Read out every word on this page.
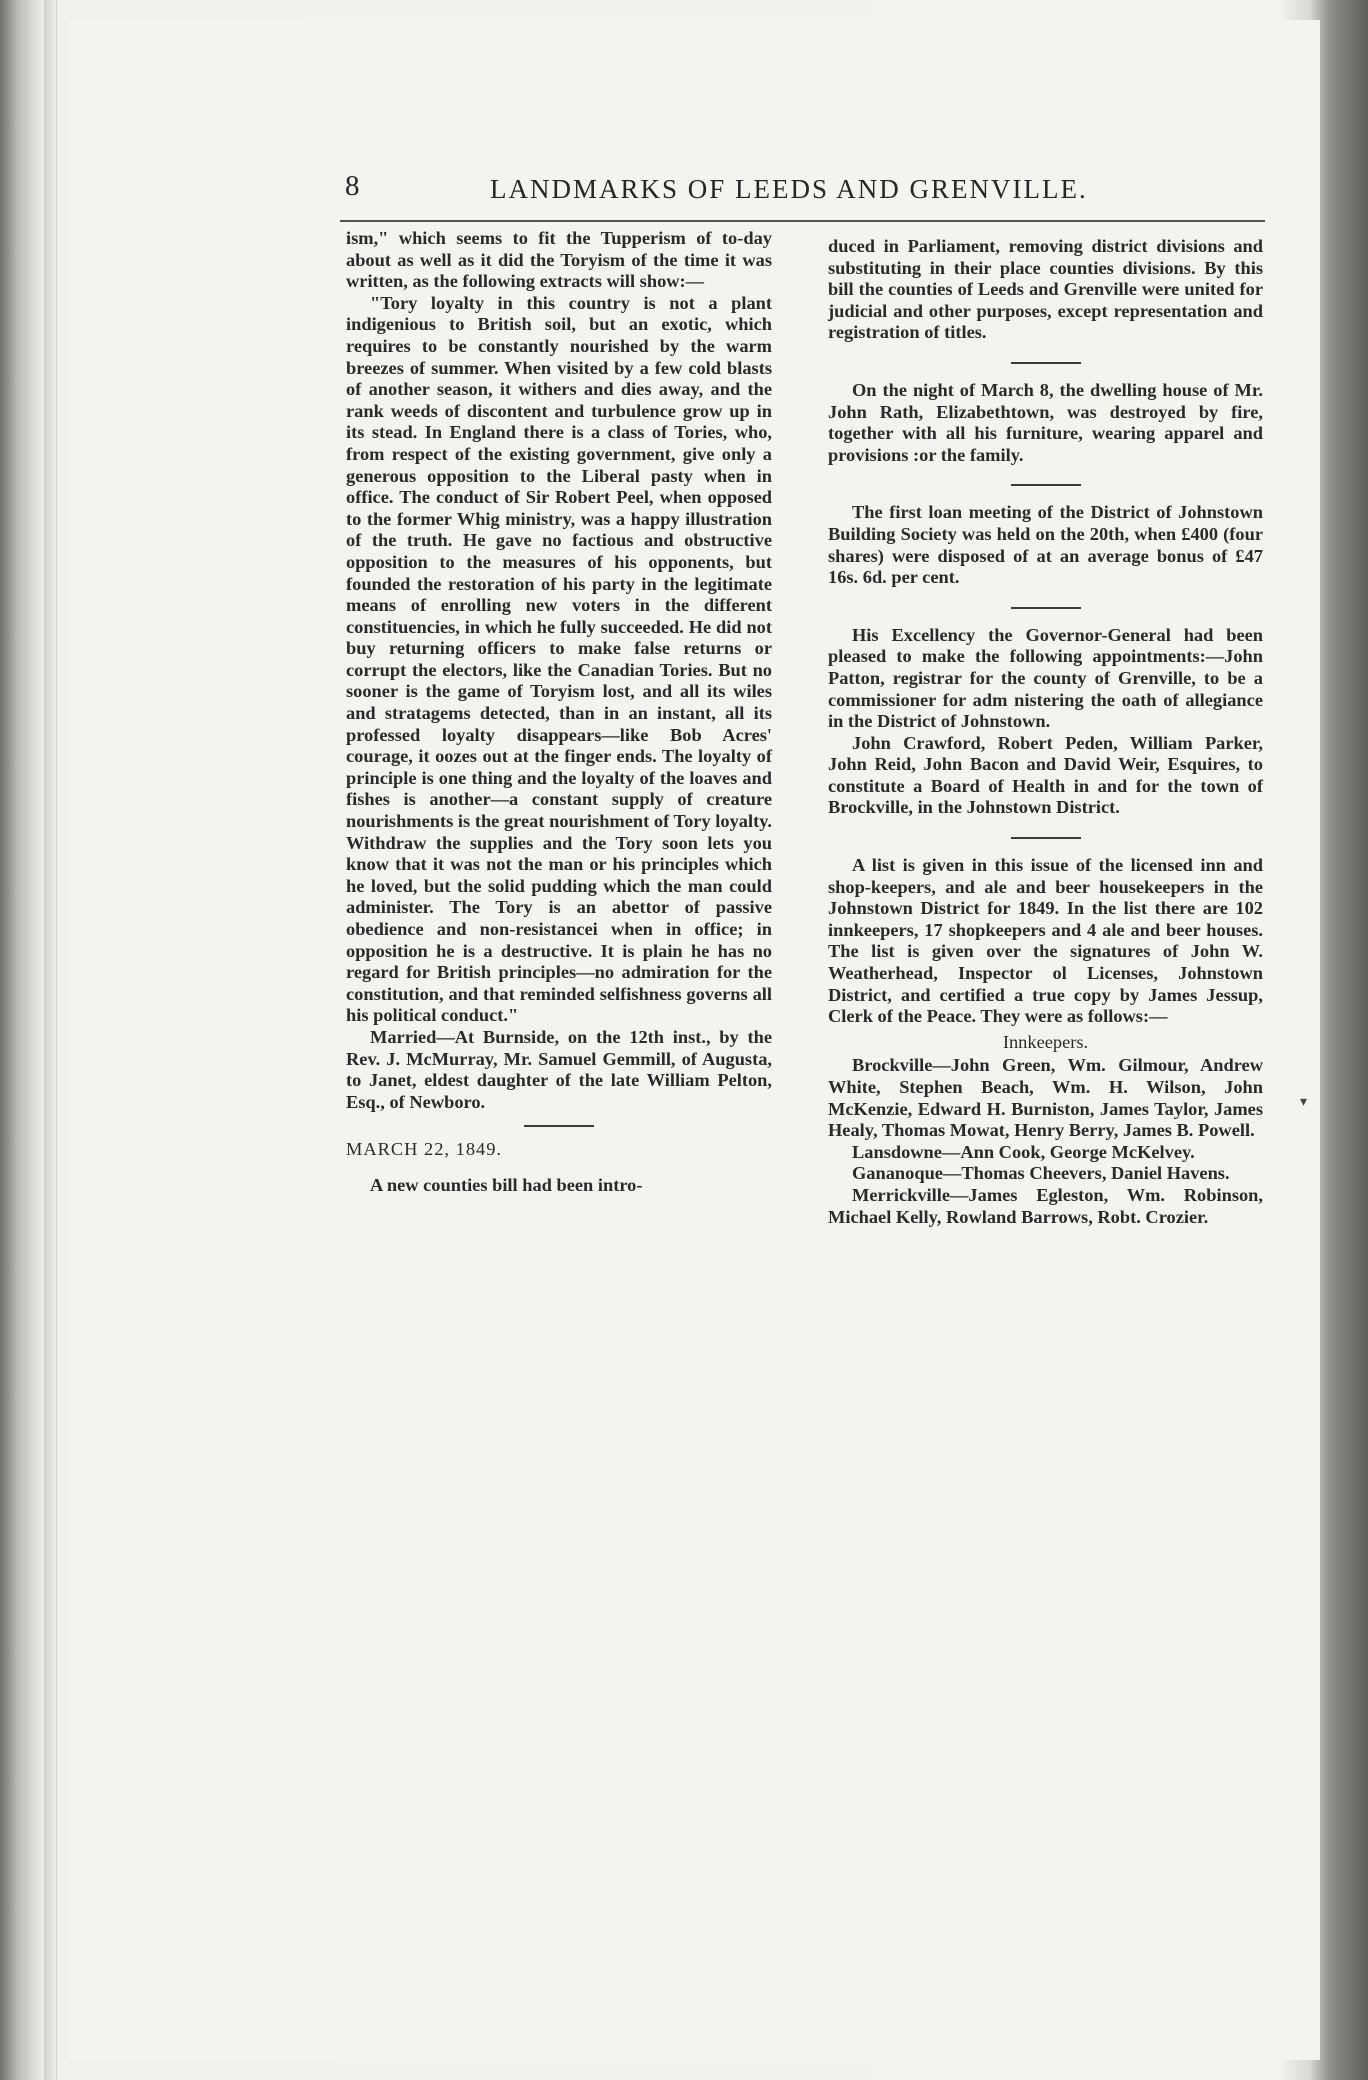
8	LANDMARKS OF LEEDS AND GRENVILLE.

ism," which seems to fit the Tupperism of to-day about as well as it did the Toryism of the time it was written, as the following extracts will show:—

"Tory loyalty in this country is not a plant indigenious to British soil, but an exotic, which requires to be constantly nourished by the warm breezes of summer. When visited by a few cold blasts of another season, it withers and dies away, and the rank weeds of discontent and turbulence grow up in its stead. In England there is a class of Tories, who, from respect of the existing government, give only a generous opposition to the Liberal pasty when in office. The conduct of Sir Robert Peel, when opposed to the former Whig ministry, was a happy illustration of the truth. He gave no factious and obstructive opposition to the measures of his opponents, but founded the restoration of his party in the legitimate means of enrolling new voters in the different constituencies, in which he fully succeeded. He did not buy returning officers to make false returns or corrupt the electors, like the Canadian Tories. But no sooner is the game of Toryism lost, and all its wiles and stratagems detected, than in an instant, all its professed loyalty disappears—like Bob Acres' courage, it oozes out at the finger ends. The loyalty of principle is one thing and the loyalty of the loaves and fishes is another—a constant supply of creature nourishments is the great nourishment of Tory loyalty. Withdraw the supplies and the Tory soon lets you know that it was not the man or his principles which he loved, but the solid pudding which the man could administer. The Tory is an abettor of passive obedience and non-resistancei when in office; in opposition he is a destructive. It is plain he has no regard for British principles—no admiration for the constitution, and that reminded selfishness governs all his political conduct."

Married—At Burnside, on the 12th inst., by the Rev. J. McMurray, Mr. Samuel Gemmill, of Augusta, to Janet, eldest daughter of the late William Pelton, Esq., of Newboro.

MARCH 22, 1849.

A new counties bill had been intro-

duced in Parliament, removing district divisions and substituting in their place counties divisions. By this bill the counties of Leeds and Grenville were united for judicial and other purposes, except representation and registration of titles.

On the night of March 8, the dwelling house of Mr. John Rath, Elizabethtown, was destroyed by fire, together with all his furniture, wearing apparel and provisions :or the family.

The first loan meeting of the District of Johnstown Building Society was held on the 20th, when £400 (four shares) were disposed of at an average bonus of £47 16s. 6d. per cent.

His Excellency the Governor-General had been pleased to make the following appointments:—John Patton, registrar for the county of Grenville, to be a commissioner for adm nistering the oath of allegiance in the District of Johnstown.

John Crawford, Robert Peden, William Parker, John Reid, John Bacon and David Weir, Esquires, to constitute a Board of Health in and for the town of Brockville, in the Johnstown District.

A list is given in this issue of the licensed inn and shop-keepers, and ale and beer housekeepers in the Johnstown District for 1849. In the list there are 102 innkeepers, 17 shopkeepers and 4 ale and beer houses. The list is given over the signatures of John W. Weatherhead, Inspector ol Licenses, Johnstown District, and certified a true copy by James Jessup, Clerk of the Peace. They were as follows:—

Innkeepers.

Brockville—John Green, Wm. Gilmour, Andrew White, Stephen Beach, Wm. H. Wilson, John McKenzie, Edward H. Burniston, James Taylor, James Healy, Thomas Mowat, Henry Berry, James B. Powell.

Lansdowne—Ann Cook, George McKelvey.

Gananoque—Thomas Cheevers, Daniel Havens.

Merrickville—James Egleston, Wm. Robinson, Michael Kelly, Rowland Barrows, Robt. Crozier.

▾
